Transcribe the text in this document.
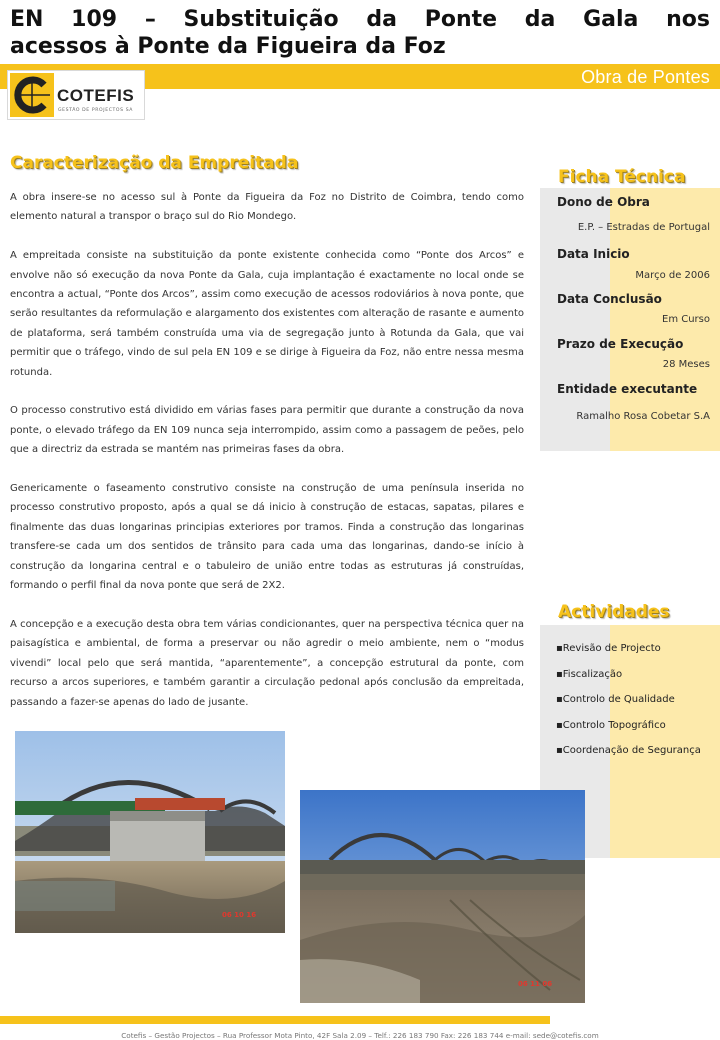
EN 109 – Substituição da Ponte da Gala nos
acessos à Ponte da Figueira da Foz
Obra de Pontes
COTEFIS
GESTÃO DE PROJECTOS SA
Caracterização da Empreitada

A obra insere-se no acesso sul à Ponte da Figueira da Foz no Distrito de Coimbra, tendo como elemento natural a transpor o braço sul do Rio Mondego.

A empreitada consiste na substituição da ponte existente conhecida como “Ponte dos Arcos” e envolve não só execução da nova Ponte da Gala, cuja implantação é exactamente no local onde se encontra a actual, “Ponte dos Arcos”, assim como execução de acessos rodoviários à nova ponte, que serão resultantes da reformulação e alargamento dos existentes com alteração de rasante e aumento de plataforma, será também construída uma via de segregação junto à Rotunda da Gala, que vai permitir que o tráfego, vindo de sul pela EN 109 e se dirige à Figueira da Foz, não entre nessa mesma rotunda.

O processo construtivo está dividido em várias fases para permitir que durante a construção da nova ponte, o elevado tráfego da EN 109 nunca seja interrompido, assim como a passagem de peões, pelo que a directriz da estrada se mantém nas primeiras fases da obra.

Genericamente o faseamento construtivo consiste na construção de uma península inserida no processo construtivo proposto, após a qual se dá inicio à construção de estacas, sapatas, pilares e finalmente das duas longarinas principias exteriores por tramos. Finda a construção das longarinas transfere-se cada um dos sentidos de trânsito para cada uma das longarinas, dando-se início à construção da longarina central e o tabuleiro de união entre todas as estruturas já construídas, formando o perfil final da nova ponte que será de 2X2.

A concepção e a execução desta obra tem várias condicionantes, quer na perspectiva técnica quer na paisagística e ambiental, de forma a preservar ou não agredir o meio ambiente, nem o “modus vivendi” local pelo que será mantida, “aparentemente”, a concepção estrutural da ponte, com recurso a arcos superiores, e também garantir a circulação pedonal após conclusão da empreitada, passando a fazer-se apenas do lado de jusante.

Dono de Obra

E.P. – Estradas de Portugal

Data Inicio

Março de 2006

Data Conclusão

Em Curso

Prazo de Execução

28 Meses

Entidade executante

Ramalho Rosa Cobetar S.A

Ficha Técnica
▪Revisão de Projecto
▪Fiscalização
▪Controlo de Qualidade
▪Controlo Topográfico
▪Coordenação de Segurança
Actividades
06 10 16
06 11 06
Cotefis – Gestão Projectos – Rua Professor Mota Pinto, 42F Sala 2.09 – Telf.: 226 183 790 Fax: 226 183 744 e-mail: sede@cotefis.com
